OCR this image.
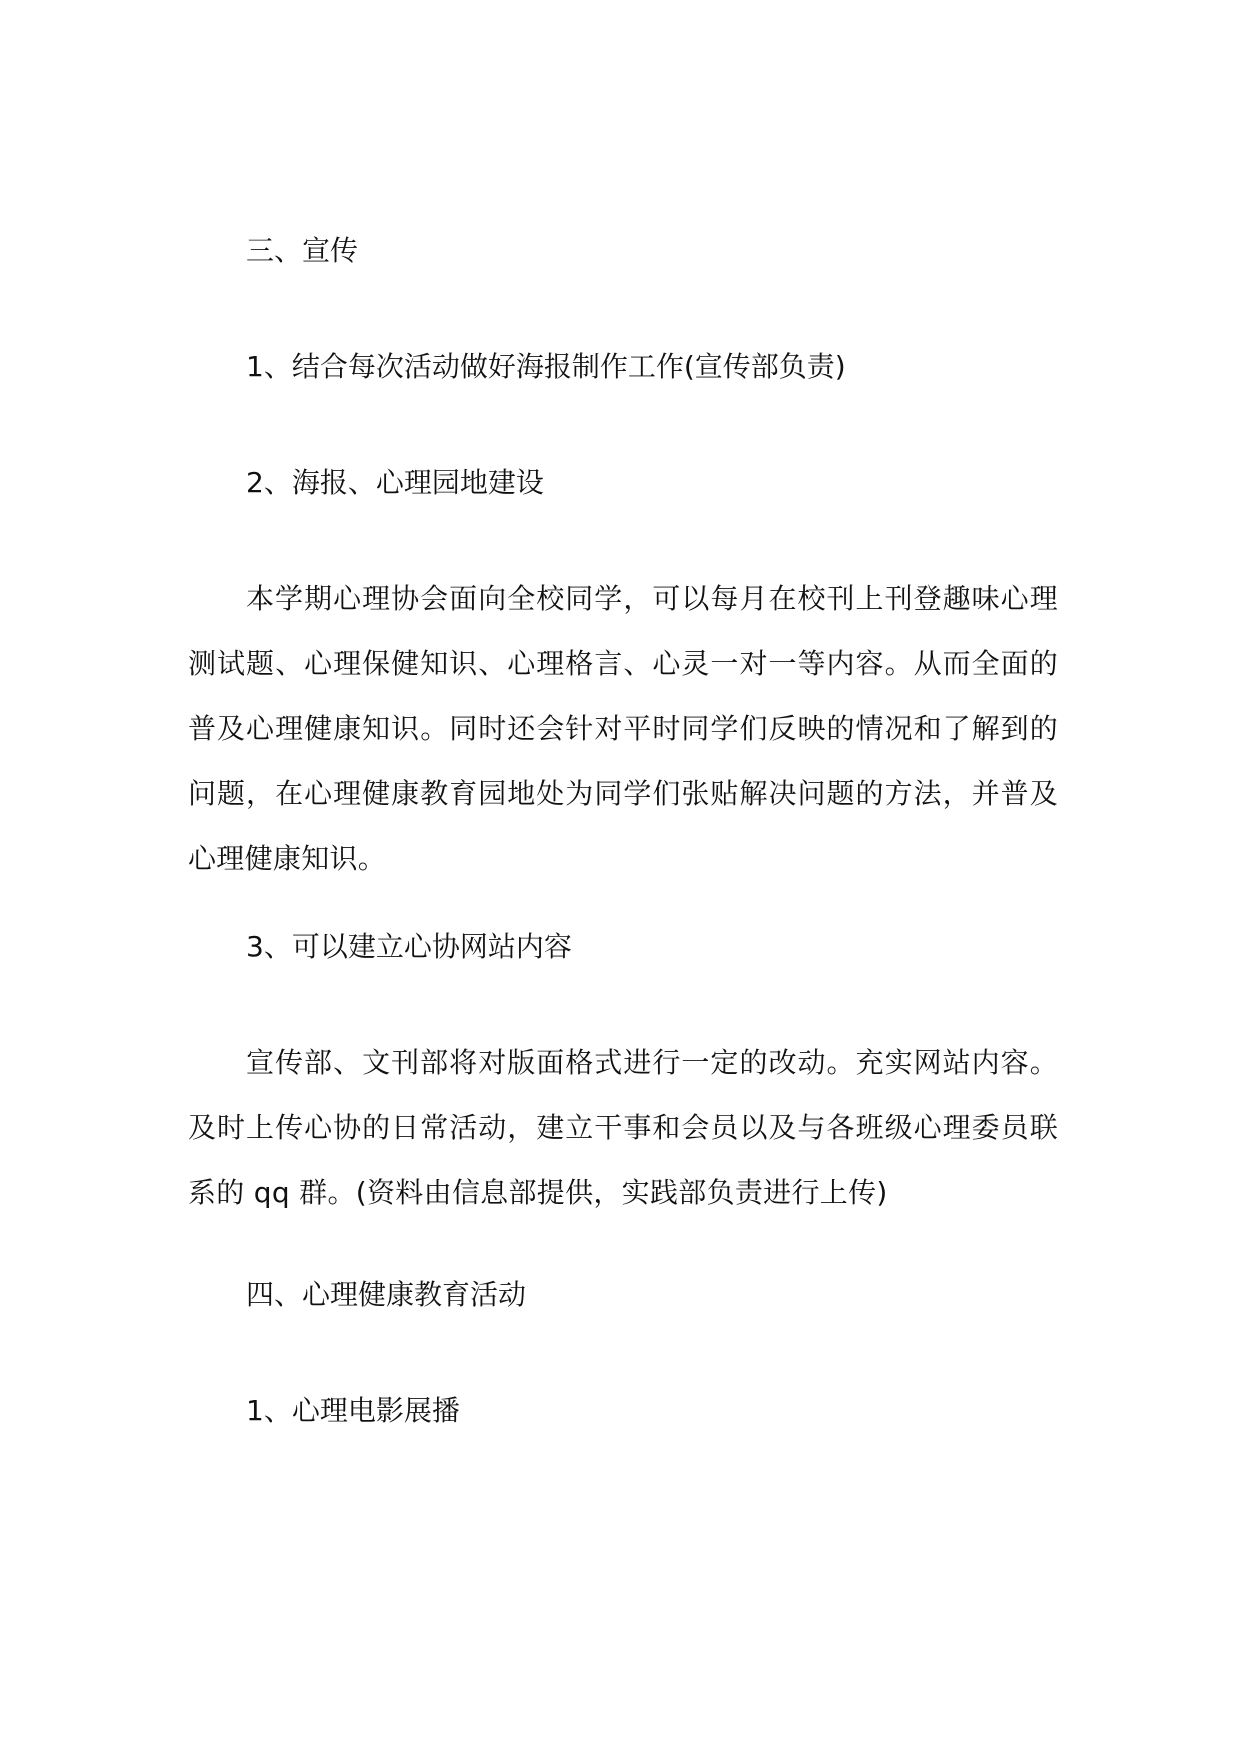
三、宣传

1、结合每次活动做好海报制作工作(宣传部负责)

2、海报、心理园地建设

本学期心理协会面向全校同学，可以每月在校刊上刊登趣味心理测试题、心理保健知识、心理格言、心灵一对一等内容。从而全面的普及心理健康知识。同时还会针对平时同学们反映的情况和了解到的问题，在心理健康教育园地处为同学们张贴解决问题的方法，并普及心理健康知识。

3、可以建立心协网站内容

宣传部、文刊部将对版面格式进行一定的改动。充实网站内容。及时上传心协的日常活动，建立干事和会员以及与各班级心理委员联系的 qq 群。(资料由信息部提供，实践部负责进行上传)

四、心理健康教育活动

1、心理电影展播
